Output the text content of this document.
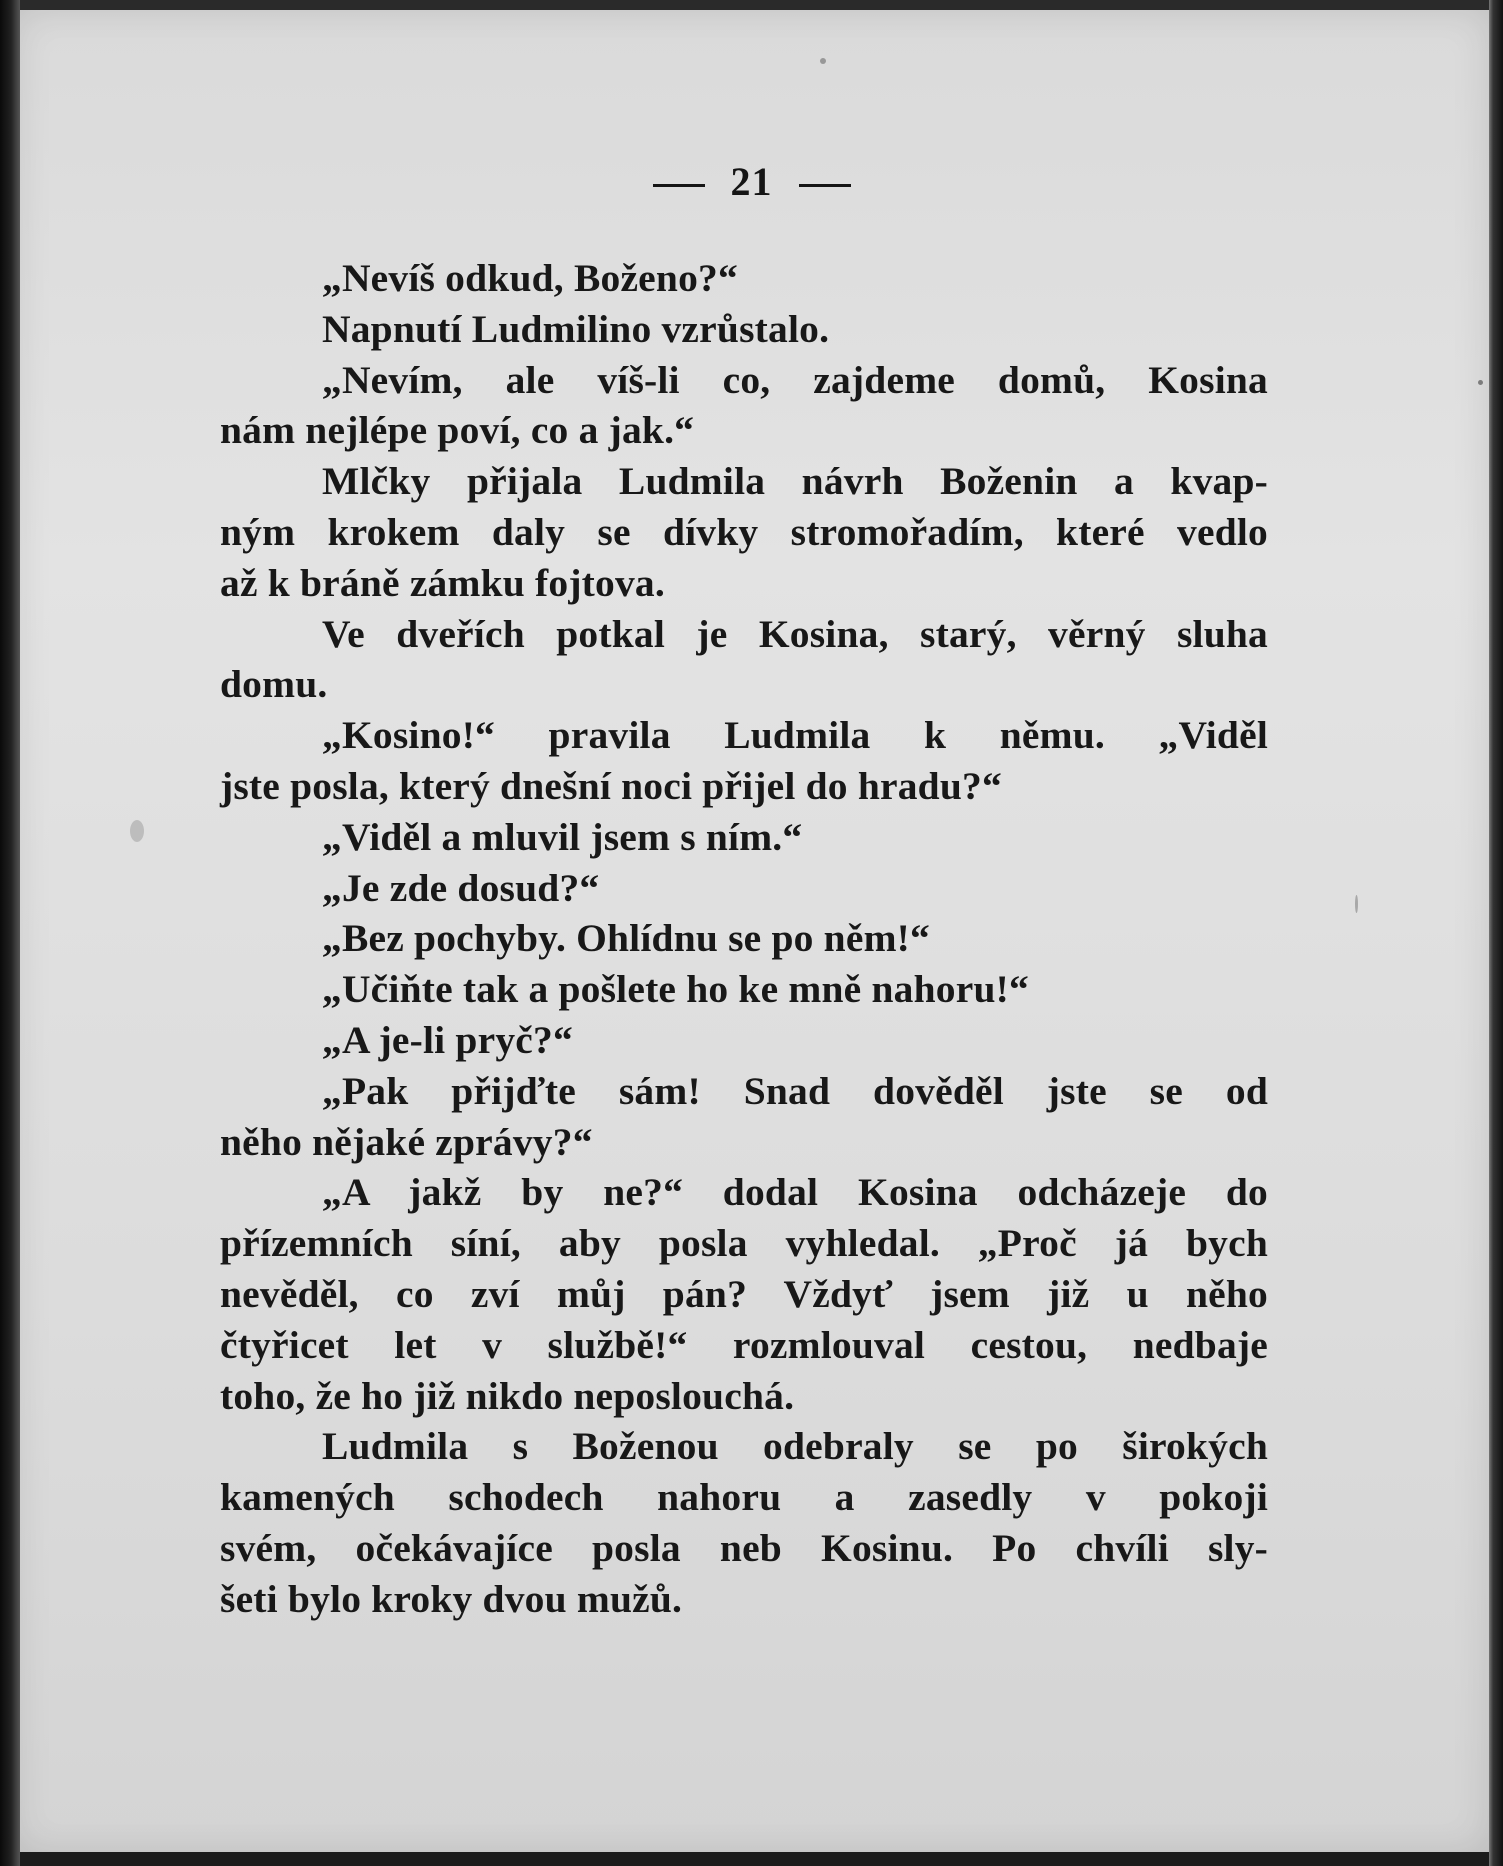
21
„Nevíš odkud, Boženo?“
Napnutí Ludmilino vzrůstalo.
„Nevím, ale víš-li co, zajdeme domů, Kosina
nám nejlépe poví, co a jak.“
Mlčky přijala Ludmila návrh Boženin a kvap-
ným krokem daly se dívky stromořadím, které vedlo
až k bráně zámku fojtova.
Ve dveřích potkal je Kosina, starý, věrný sluha
domu.
„Kosino!“ pravila Ludmila k němu. „Viděl
jste posla, který dnešní noci přijel do hradu?“
„Viděl a mluvil jsem s ním.“
„Je zde dosud?“
„Bez pochyby. Ohlídnu se po něm!“
„Učiňte tak a pošlete ho ke mně nahoru!“
„A je-li pryč?“
„Pak přijďte sám! Snad dověděl jste se od
něho nějaké zprávy?“
„A jakž by ne?“ dodal Kosina odcházeje do
přízemních síní, aby posla vyhledal. „Proč já bych
nevěděl, co zví můj pán? Vždyť jsem již u něho
čtyřicet let v službě!“ rozmlouval cestou, nedbaje
toho, že ho již nikdo neposlouchá.
Ludmila s Boženou odebraly se po širokých
kamených schodech nahoru a zasedly v pokoji
svém, očekávajíce posla neb Kosinu. Po chvíli sly-
šeti bylo kroky dvou mužů.
